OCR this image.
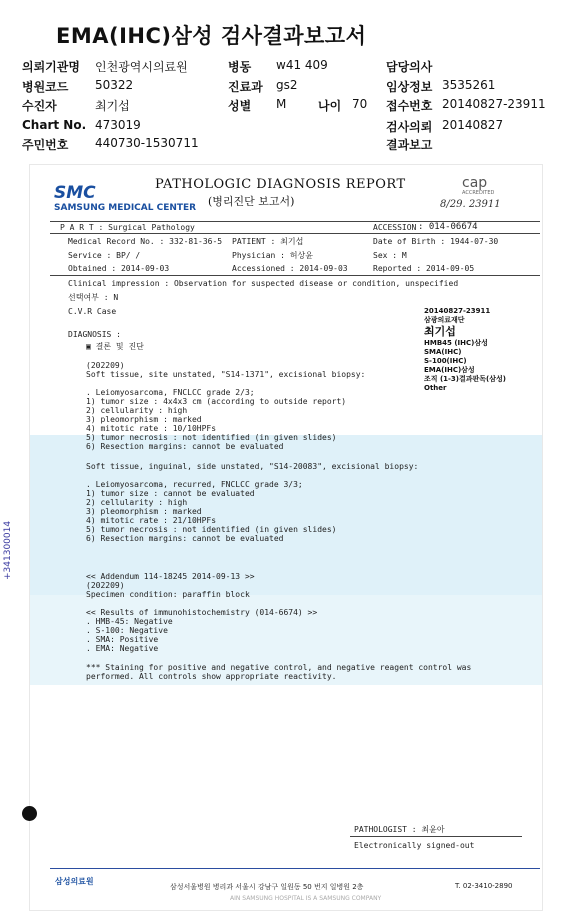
EMA(IHC)삼성 검사결과보고서
의뢰기관명 인천광역시의료원	병동 w41 409	담당의사
병원코드 50322	진료과 gs2	임상정보 3535261
수진자	최기섭	성별 M	나이 70 접수번호 20140827-23911
Chart No. 473019	검사의뢰 20140827
주민번호 440730-1530711	결과보고
SMC
SAMSUNG MEDICAL CENTER
PATHOLOGIC DIAGNOSIS REPORT
(병리진단 보고서)
cap
ACCREDITED
8/29. 23911
P A R T : Surgical Pathology	ACCESSION : 014-06674
Medical Record No. : 332-81-36-5 PATIENT : 최기섭	Date of Birth : 1944-07-30
Service : BP/ /	Physician : 허상윤	Sex : M
Obtained : 2014-09-03	Accessioned : 2014-09-03	Reported : 2014-09-05
Clinical impression : Observation for suspected disease or condition, unspecified
선택여부 : N
C.V.R Case
DIAGNOSIS :
▣ 결론 및 진단
(202209)
Soft tissue, site unstated, "S14-1371", excisional biopsy:
. Leiomyosarcoma, FNCLCC grade 2/3;
1) tumor size : 4x4x3 cm (according to outside report)
2) cellularity : high
3) pleomorphism : marked
4) mitotic rate : 10/10HPFs
5) tumor necrosis : not identified (in given slides)
6) Resection margins: cannot be evaluated
Soft tissue, inguinal, side unstated, "S14-20083", excisional biopsy:
. Leiomyosarcoma, recurred, FNCLCC grade 3/3;
1) tumor size : cannot be evaluated
2) cellularity : high
3) pleomorphism : marked
4) mitotic rate : 21/10HPFs
5) tumor necrosis : not identified (in given slides)
6) Resection margins: cannot be evaluated
<< Addendum 114-18245 2014-09-13 >>
(202209)
Specimen condition: paraffin block
<< Results of immunohistochemistry (014-6674) >>
. HMB-45: Negative
. S-100: Negative
. SMA: Positive
. EMA: Negative
*** Staining for positive and negative control, and negative reagent control was
performed. All controls show appropriate reactivity.
20140827-23911
삼광의료재단
최기섭
HMB45 (IHC)삼성
SMA(IHC)
S-100(IHC)
EMA(IHC)삼성
조직 (1-3)결과판독(삼성)
Other
PATHOLOGIST : 최윤아
Electronically signed-out
삼성의료원
삼성서울병원 병리과 서울시 강남구 일원동 50 번지 일병원 2층	T. 02-3410-2890
AIN SAMSUNG HOSPITAL IS A SAMSUNG COMPANY
+341300014
